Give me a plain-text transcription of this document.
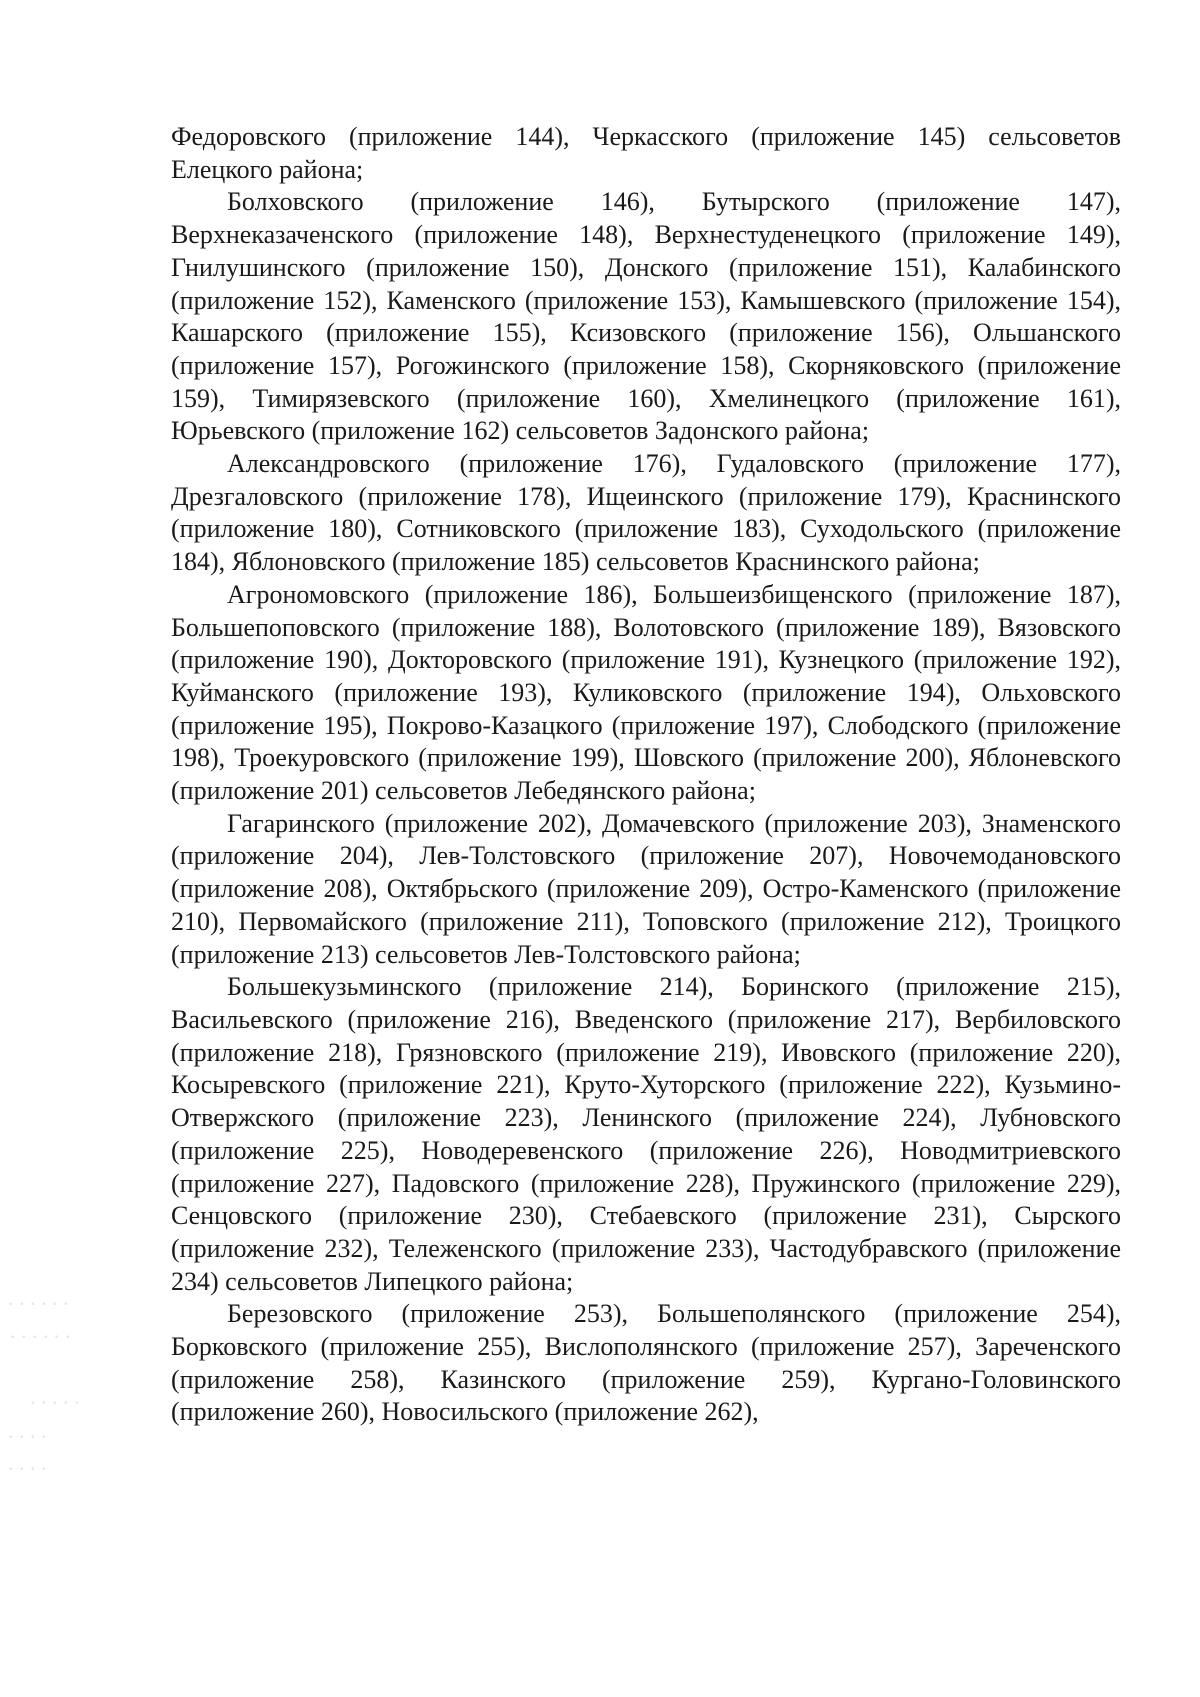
. . . . . .
. . . . . .
. . . . .
. . . .
. . . .

Федоровского (приложение 144), Черкасского (приложение 145) сельсоветов Елецкого района;

Болховского (приложение 146), Бутырского (приложение 147), Верхнеказаченского (приложение 148), Верхнестуденецкого (приложение 149), Гнилушинского (приложение 150), Донского (приложение 151), Калабинского (приложение 152), Каменского (приложение 153), Камышевского (приложение 154), Кашарского (приложение 155), Ксизовского (приложение 156), Ольшанского (приложение 157), Рогожинского (приложение 158), Скорняковского (приложение 159), Тимирязевского (приложение 160), Хмелинецкого (приложение 161), Юрьевского (приложение 162) сельсоветов Задонского района;

Александровского (приложение 176), Гудаловского (приложение 177), Дрезгаловского (приложение 178), Ищеинского (приложение 179), Краснинского (приложение 180), Сотниковского (приложение 183), Суходольского (приложение 184), Яблоновского (приложение 185) сельсоветов Краснинского района;

Агрономовского (приложение 186), Большеизбищенского (приложение 187), Большепоповского (приложение 188), Волотовского (приложение 189), Вязовского (приложение 190), Докторовского (приложение 191), Кузнецкого (приложение 192), Куйманского (приложение 193), Куликовского (приложение 194), Ольховского (приложение 195), Покрово-Казацкого (приложение 197), Слободского (приложение 198), Троекуровского (приложение 199), Шовского (приложение 200), Яблоневского (приложение 201) сельсоветов Лебедянского района;

Гагаринского (приложение 202), Домачевского (приложение 203), Знаменского (приложение 204), Лев-Толстовского (приложение 207), Новочемодановского (приложение 208), Октябрьского (приложение 209), Остро-Каменского (приложение 210), Первомайского (приложение 211), Топовского (приложение 212), Троицкого (приложение 213) сельсоветов Лев-Толстовского района;

Большекузьминского (приложение 214), Боринского (приложение 215), Васильевского (приложение 216), Введенского (приложение 217), Вербиловского (приложение 218), Грязновского (приложение 219), Ивовского (приложение 220), Косыревского (приложение 221), Круто-Хуторского (приложение 222), Кузьмино-Отвержского (приложение 223), Ленинского (приложение 224), Лубновского (приложение 225), Новодеревенского (приложение 226), Новодмитриевского (приложение 227), Падовского (приложение 228), Пружинского (приложение 229), Сенцовского (приложение 230), Стебаевского (приложение 231), Сырского (приложение 232), Тележенского (приложение 233), Частодубравского (приложение 234) сельсоветов Липецкого района;

Березовского (приложение 253), Большеполянского (приложение 254), Борковского (приложение 255), Вислополянского (приложение 257), Зареченского (приложение 258), Казинского (приложение 259), Кургано-Головинского (приложение 260), Новосильского (приложение 262),
